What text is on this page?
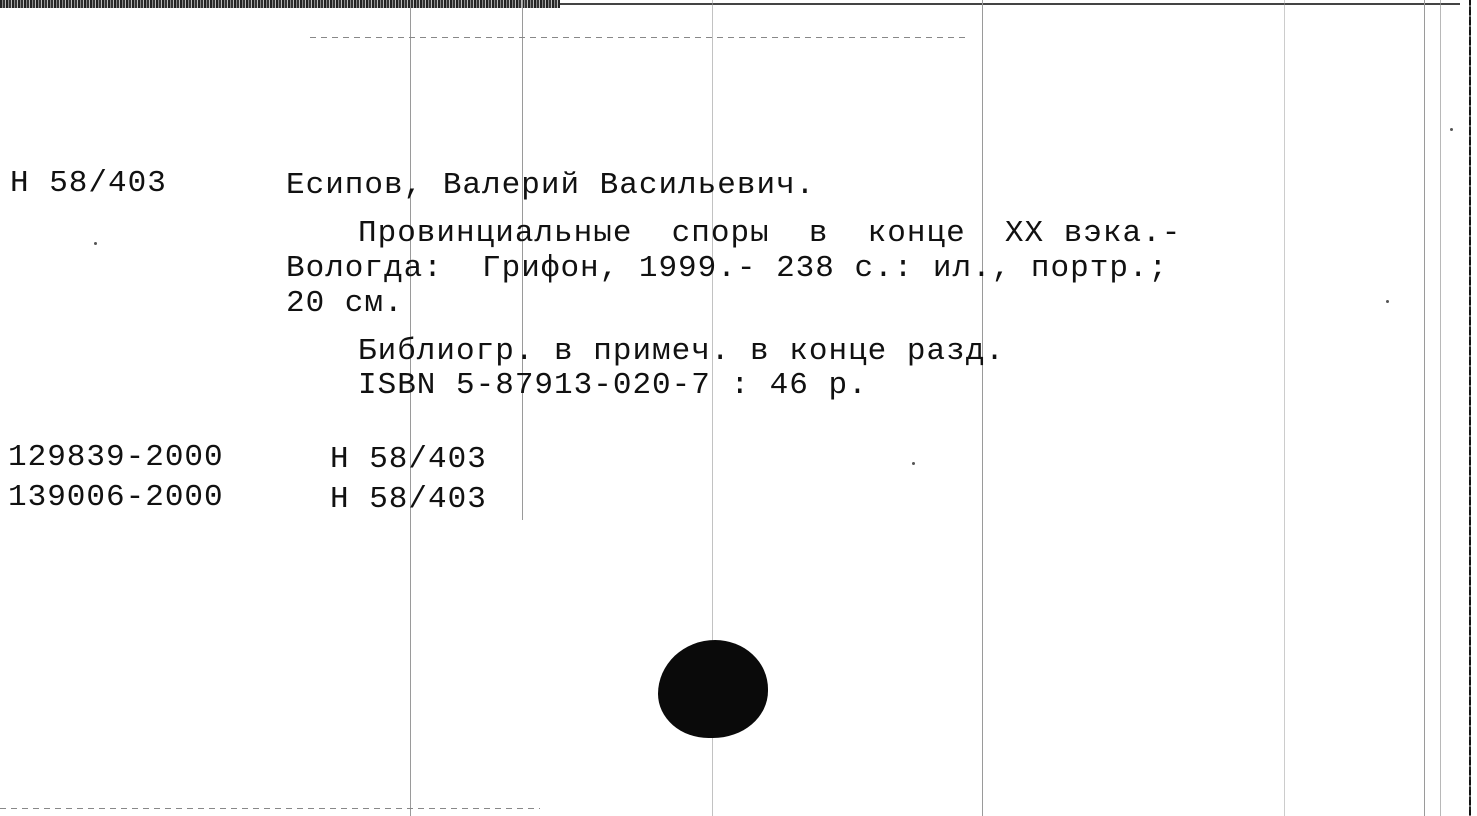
Н 58/403	Есипов, Валерий Васильевич.
Провинциальные  споры  в  конце  XX вэка.-
Вологда:  Грифон, 1999.- 238 с.: ил., портр.;
20 см.
Библиогр. в примеч. в конце разд.
ISBN 5-87913-020-7 : 46 р.
129839-2000	Н 58/403
139006-2000	Н 58/403
